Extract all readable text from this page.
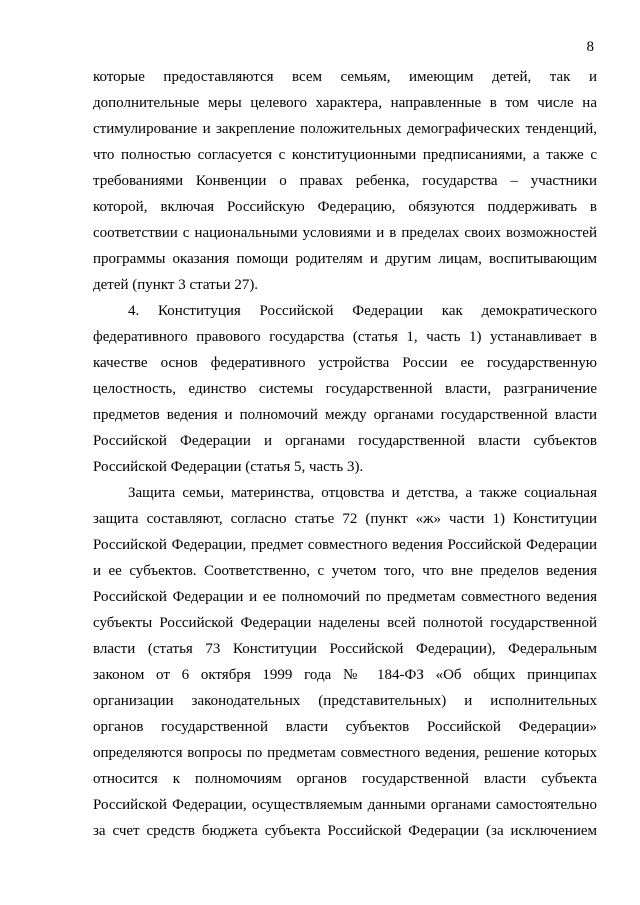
8
которые предоставляются всем семьям, имеющим детей, так и
дополнительные меры целевого характера, направленные в том числе на
стимулирование и закрепление положительных демографических тенденций,
что полностью согласуется с конституционными предписаниями, а также с
требованиями Конвенции о правах ребенка, государства – участники
которой, включая Российскую Федерацию, обязуются поддерживать в
соответствии с национальными условиями и в пределах своих возможностей
программы оказания помощи родителям и другим лицам, воспитывающим
детей (пункт 3 статьи 27).
4. Конституция Российской Федерации как демократического
федеративного правового государства (статья 1, часть 1) устанавливает в
качестве основ федеративного устройства России ее государственную
целостность, единство системы государственной власти, разграничение
предметов ведения и полномочий между органами государственной власти
Российской Федерации и органами государственной власти субъектов
Российской Федерации (статья 5, часть 3).
Защита семьи, материнства, отцовства и детства, а также социальная
защита составляют, согласно статье 72 (пункт «ж» части 1) Конституции
Российской Федерации, предмет совместного ведения Российской Федерации
и ее субъектов. Соответственно, с учетом того, что вне пределов ведения
Российской Федерации и ее полномочий по предметам совместного ведения
субъекты Российской Федерации наделены всей полнотой государственной
власти (статья 73 Конституции Российской Федерации), Федеральным
законом от 6 октября 1999 года № 184-ФЗ «Об общих принципах
организации законодательных (представительных) и исполнительных
органов государственной власти субъектов Российской Федерации»
определяются вопросы по предметам совместного ведения, решение которых
относится к полномочиям органов государственной власти субъекта
Российской Федерации, осуществляемым данными органами самостоятельно
за счет средств бюджета субъекта Российской Федерации (за исключением
